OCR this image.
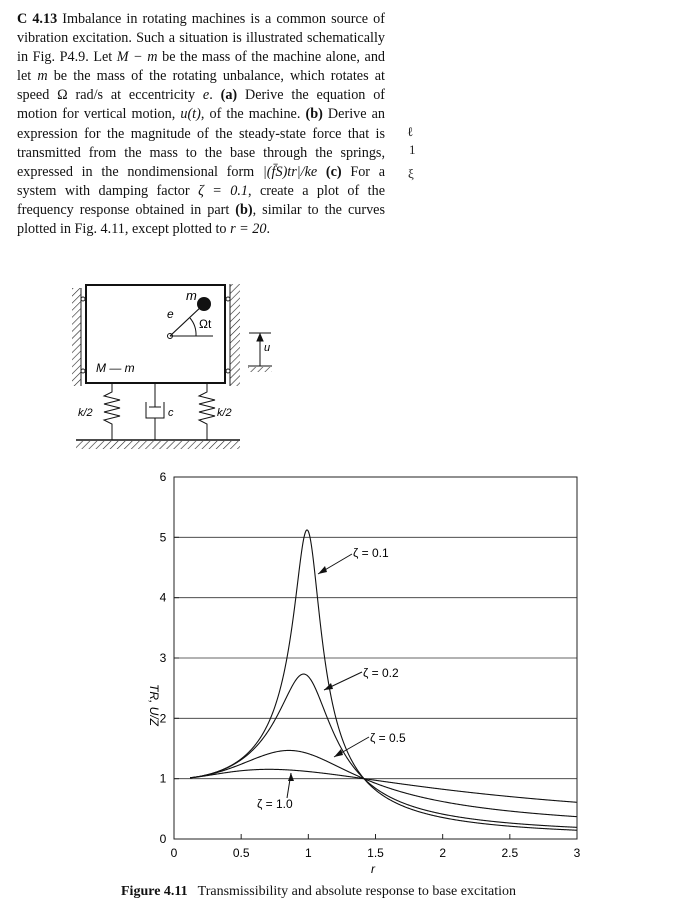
C 4.13 Imbalance in rotating machines is a common source of vibration excitation. Such a situation is illustrated schematically in Fig. P4.9. Let M − m be the mass of the machine alone, and let m be the mass of the rotating unbalance, which rotates at speed Ω rad/s at eccentricity e. (a) Derive the equation of motion for vertical motion, u(t), of the machine. (b) Derive an expression for the magnitude of the steady-state force that is transmitted from the mass to the base through the springs, expressed in the nondimensional form |(f̄S)tr|/ke (c) For a system with damping factor ζ = 0.1, create a plot of the frequency response obtained in part (b), similar to the curves plotted in Fig. 4.11, except plotted to r = 20.

ℓ
1
ξ
m
e
Ωt
M — m
k/2	k/2
c
u
0
1
2
3
4
5
6
0	0.5	1	1.5	2	2.5	3
r
TR, U/Z
ζ = 0.1
ζ = 0.2
ζ = 0.5
ζ = 1.0
Figure 4.11 Transmissibility and absolute response to base excitation
